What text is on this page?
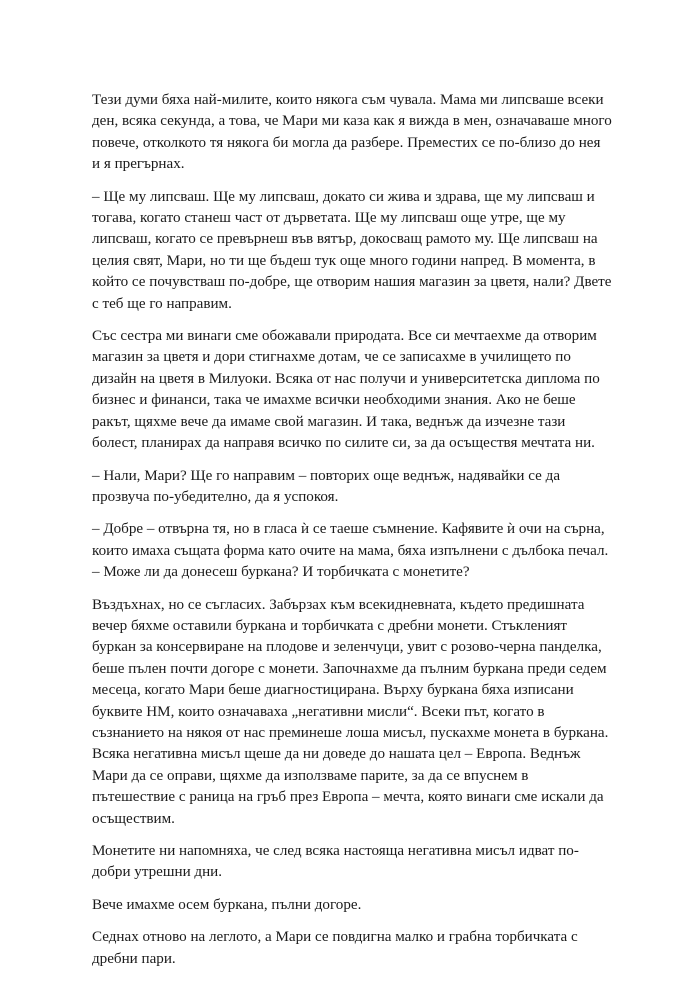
Тези думи бяха най-милите, които някога съм чувала. Мама ми липсваше всеки ден, всяка секунда, а това, че Мари ми каза как я вижда в мен, означаваше много повече, отколкото тя някога би могла да разбере. Преместих се по-близо до нея и я прегърнах.

– Ще му липсваш. Ще му липсваш, докато си жива и здрава, ще му липсваш и тогава, когато станеш част от дърветата. Ще му липсваш още утре, ще му липсваш, когато се превърнеш във вятър, докосващ рамото му. Ще липсваш на целия свят, Мари, но ти ще бъдеш тук още много години напред. В момента, в който се почувстваш по-добре, ще отворим нашия магазин за цветя, нали? Двете с теб ще го направим.

Със сестра ми винаги сме обожавали природата. Все си мечтаехме да отворим магазин за цветя и дори стигнахме дотам, че се записахме в училището по дизайн на цветя в Милуоки. Всяка от нас получи и университетска диплома по бизнес и финанси, така че имахме всички необходими знания. Ако не беше ракът, щяхме вече да имаме свой магазин. И така, веднъж да изчезне тази болест, планирах да направя всичко по силите си, за да осъществя мечтата ни.

– Нали, Мари? Ще го направим – повторих още веднъж, надявайки се да прозвуча по-убедително, да я успокоя.

– Добре – отвърна тя, но в гласа ѝ се таеше съмнение. Кафявите ѝ очи на сърна, които имаха същата форма като очите на мама, бяха изпълнени с дълбока печал. – Може ли да донесеш буркана? И торбичката с монетите?

Въздъхнах, но се съгласих. Забързах към всекидневната, където предишната вечер бяхме оставили буркана и торбичката с дребни монети. Стъкленият буркан за консервиране на плодове и зеленчуци, увит с розово-черна панделка, беше пълен почти догоре с монети. Започнахме да пълним буркана преди седем месеца, когато Мари беше диагностицирана. Върху буркана бяха изписани буквите НМ, които означаваха „негативни мисли“. Всеки път, когато в съзнанието на някоя от нас преминеше лоша мисъл, пускахме монета в буркана. Всяка негативна мисъл щеше да ни доведе до нашата цел – Европа. Веднъж Мари да се оправи, щяхме да използваме парите, за да се впуснем в пътешествие с раница на гръб през Европа – мечта, която винаги сме искали да осъществим.

Монетите ни напомняха, че след всяка настояща негативна мисъл идват по-добри утрешни дни.

Вече имахме осем буркана, пълни догоре.

Седнах отново на леглото, а Мари се повдигна малко и грабна торбичката с дребни пари.
